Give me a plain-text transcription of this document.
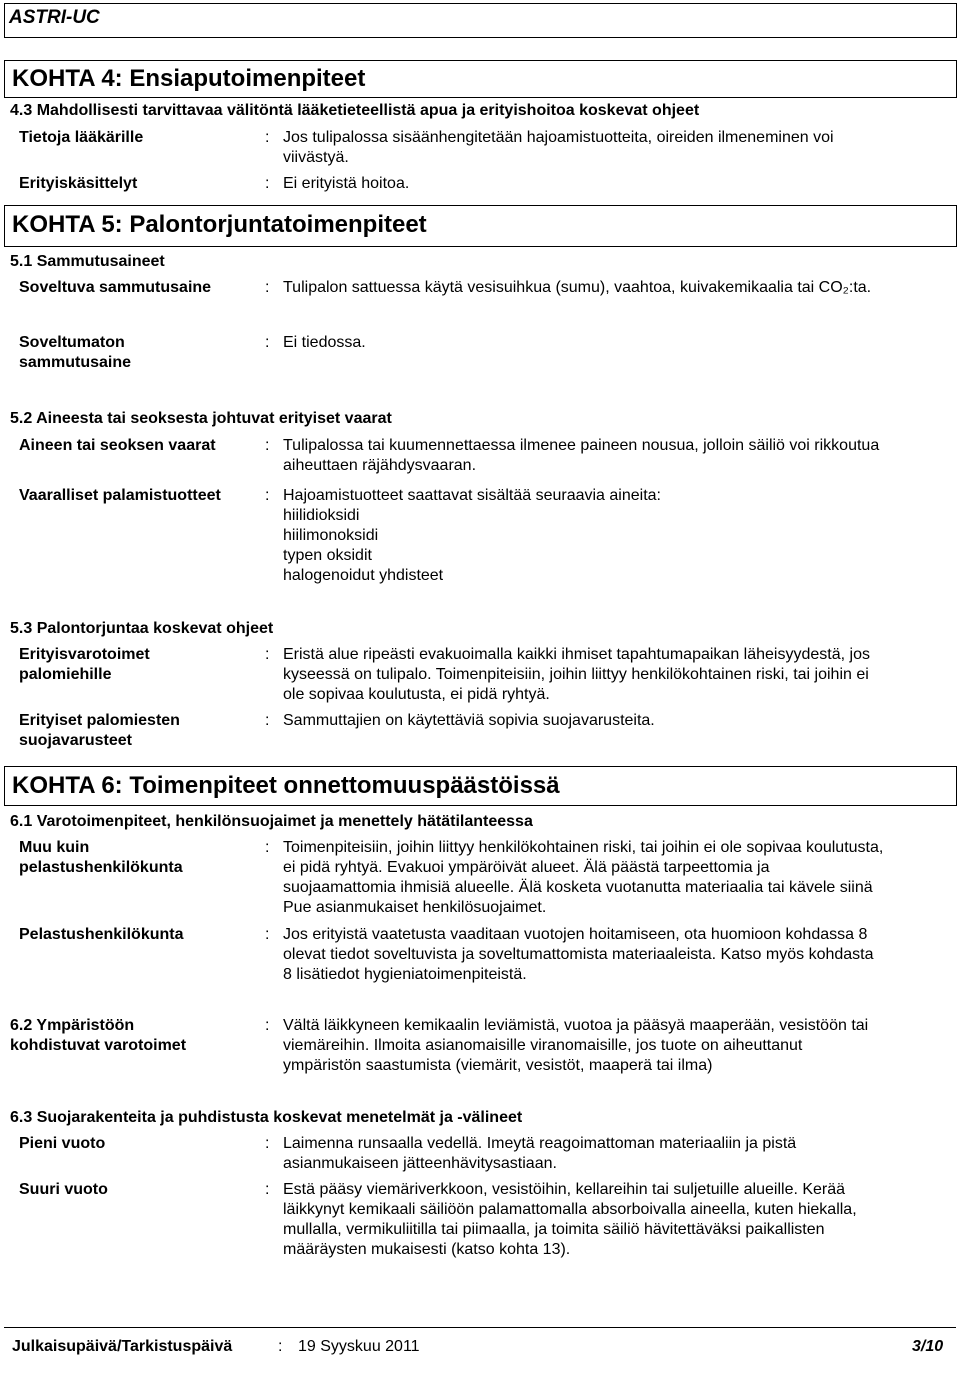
ASTRI-UC
KOHTA 4: Ensiaputoimenpiteet
4.3 Mahdollisesti tarvittavaa välitöntä lääketieteellistä apua ja erityishoitoa koskevat ohjeet
Tietoja lääkärille	: Jos tulipalossa sisäänhengitetään hajoamistuotteita, oireiden ilmeneminen voi
viivästyä.
Erityiskäsittelyt	: Ei erityistä hoitoa.
KOHTA 5: Palontorjuntatoimenpiteet
5.1 Sammutusaineet
Soveltuva sammutusaine	: Tulipalon sattuessa käytä vesisuihkua (sumu), vaahtoa, kuivakemikaalia tai CO₂:ta.
Soveltumaton
sammutusaine
: Ei tiedossa.
5.2 Aineesta tai seoksesta johtuvat erityiset vaarat
Aineen tai seoksen vaarat	: Tulipalossa tai kuumennettaessa ilmenee paineen nousua, jolloin säiliö voi rikkoutua
aiheuttaen räjähdysvaaran.
Vaaralliset palamistuotteet	: Hajoamistuotteet saattavat sisältää seuraavia aineita:
hiilidioksidi
hiilimonoksidi
typen oksidit
halogenoidut yhdisteet
5.3 Palontorjuntaa koskevat ohjeet
Erityisvarotoimet
palomiehille
: Eristä alue ripeästi evakuoimalla kaikki ihmiset tapahtumapaikan läheisyydestä, jos
kyseessä on tulipalo. Toimenpiteisiin, joihin liittyy henkilökohtainen riski, tai joihin ei
ole sopivaa koulutusta, ei pidä ryhtyä.
Erityiset palomiesten
suojavarusteet
: Sammuttajien on käytettäviä sopivia suojavarusteita.
KOHTA 6: Toimenpiteet onnettomuuspäästöissä
6.1 Varotoimenpiteet, henkilönsuojaimet ja menettely hätätilanteessa
Muu kuin
pelastushenkilökunta
: Toimenpiteisiin, joihin liittyy henkilökohtainen riski, tai joihin ei ole sopivaa koulutusta,
ei pidä ryhtyä. Evakuoi ympäröivät alueet. Älä päästä tarpeettomia ja
suojaamattomia ihmisiä alueelle. Älä kosketa vuotanutta materiaalia tai kävele siinä
Pue asianmukaiset henkilösuojaimet.
Pelastushenkilökunta	: Jos erityistä vaatetusta vaaditaan vuotojen hoitamiseen, ota huomioon kohdassa 8
olevat tiedot soveltuvista ja soveltumattomista materiaaleista. Katso myös kohdasta
8 lisätiedot hygieniatoimenpiteistä.
6.2 Ympäristöön
kohdistuvat varotoimet
: Vältä läikkyneen kemikaalin leviämistä, vuotoa ja pääsyä maaperään, vesistöön tai
viemäreihin. Ilmoita asianomaisille viranomaisille, jos tuote on aiheuttanut
ympäristön saastumista (viemärit, vesistöt, maaperä tai ilma)
6.3 Suojarakenteita ja puhdistusta koskevat menetelmät ja -välineet
Pieni vuoto	: Laimenna runsaalla vedellä. Imeytä reagoimattoman materiaaliin ja pistä
asianmukaiseen jätteenhävitysastiaan.
Suuri vuoto	: Estä pääsy viemäriverkkoon, vesistöihin, kellareihin tai suljetuille alueille. Kerää
läikkynyt kemikaali säiliöön palamattomalla absorboivalla aineella, kuten hiekalla,
mullalla, vermikuliitilla tai piimaalla, ja toimita säiliö hävitettäväksi paikallisten
määräysten mukaisesti (katso kohta 13).
Julkaisupäivä/Tarkistuspäivä	: 19 Syyskuu 2011	3/10
